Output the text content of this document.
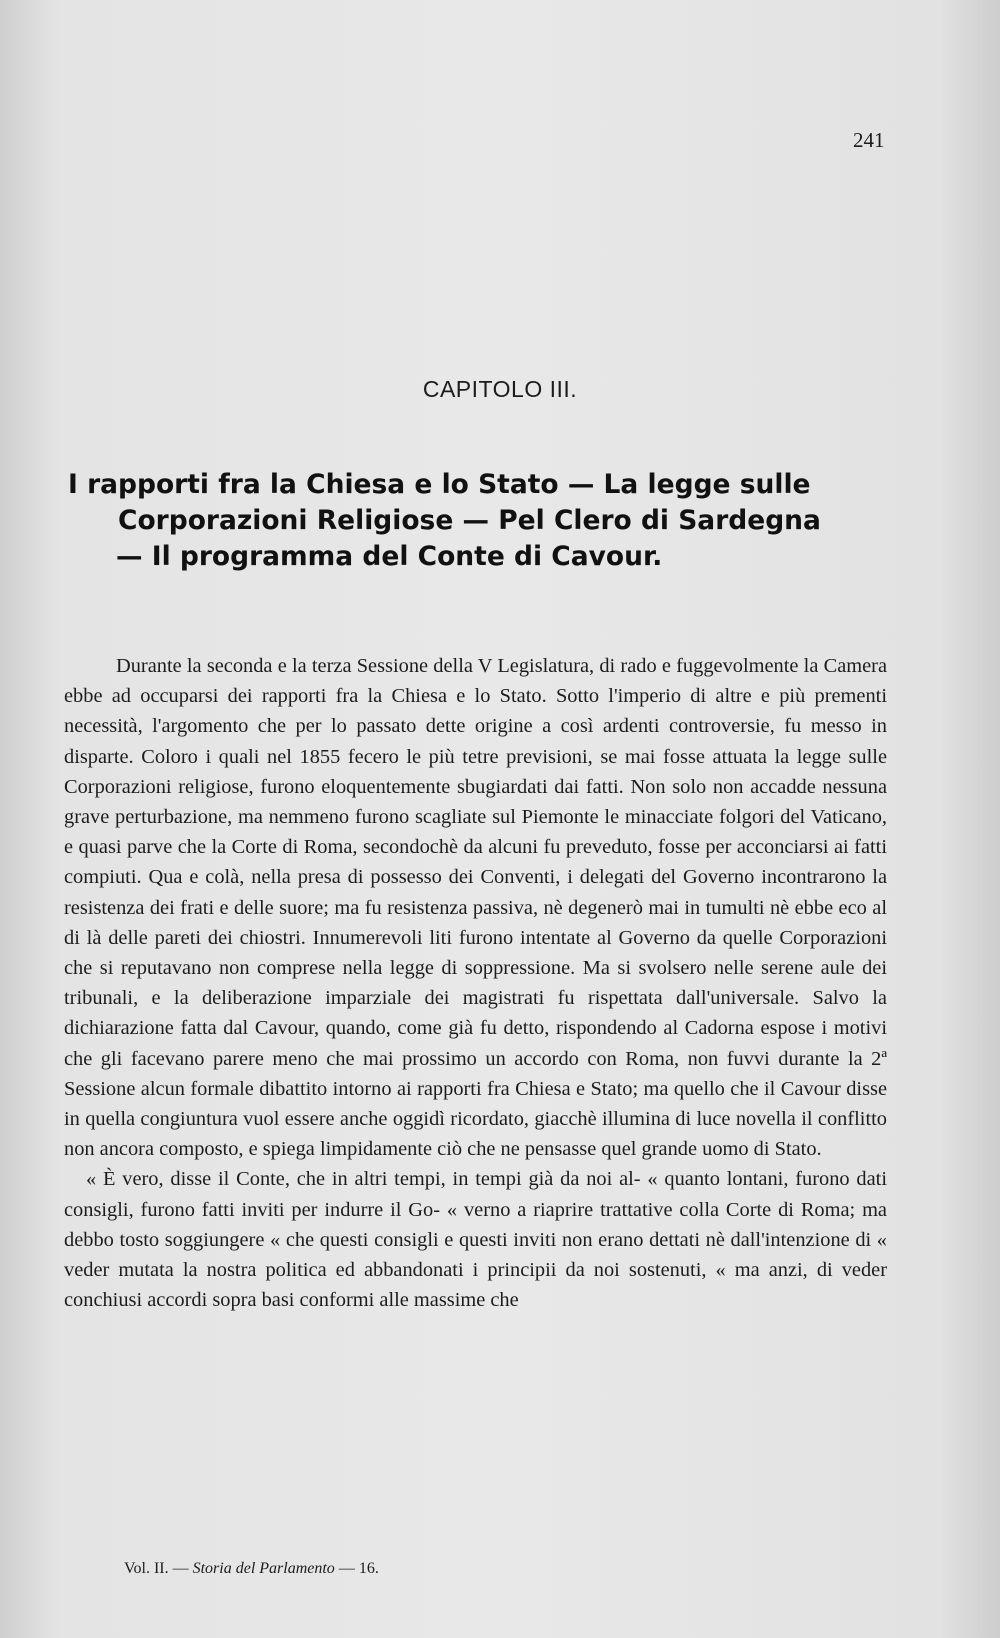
241
CAPITOLO III.
I rapporti fra la Chiesa e lo Stato — La legge sulle
Corporazioni Religiose — Pel Clero di Sardegna
— Il programma del Conte di Cavour.

Durante la seconda e la terza Sessione della V Legislatura, di rado e fuggevolmente la Camera ebbe ad occuparsi dei rapporti fra la Chiesa e lo Stato. Sotto l'imperio di altre e più prementi necessità, l'argomento che per lo passato dette origine a così ardenti controversie, fu messo in disparte. Coloro i quali nel 1855 fecero le più tetre previsioni, se mai fosse attuata la legge sulle Corporazioni religiose, furono eloquentemente sbugiardati dai fatti. Non solo non accadde nessuna grave perturbazione, ma nemmeno furono scagliate sul Piemonte le minacciate folgori del Vaticano, e quasi parve che la Corte di Roma, secondochè da alcuni fu preveduto, fosse per acconciarsi ai fatti compiuti. Qua e colà, nella presa di possesso dei Conventi, i delegati del Governo incontrarono la resistenza dei frati e delle suore; ma fu resistenza passiva, nè degenerò mai in tumulti nè ebbe eco al di là delle pareti dei chiostri. Innumerevoli liti furono intentate al Governo da quelle Corporazioni che si reputavano non comprese nella legge di soppressione. Ma si svolsero nelle serene aule dei tribunali, e la deliberazione imparziale dei magistrati fu rispettata dall'universale. Salvo la dichiarazione fatta dal Cavour, quando, come già fu detto, rispondendo al Cadorna espose i motivi che gli facevano parere meno che mai prossimo un accordo con Roma, non fuvvi durante la 2ª Sessione alcun formale dibattito intorno ai rapporti fra Chiesa e Stato; ma quello che il Cavour disse in quella congiuntura vuol essere anche oggidì ricordato, giacchè illumina di luce novella il conflitto non ancora composto, e spiega limpidamente ciò che ne pensasse quel grande uomo di Stato.

« È vero, disse il Conte, che in altri tempi, in tempi già da noi al- « quanto lontani, furono dati consigli, furono fatti inviti per indurre il Go- « verno a riaprire trattative colla Corte di Roma; ma debbo tosto soggiungere « che questi consigli e questi inviti non erano dettati nè dall'intenzione di « veder mutata la nostra politica ed abbandonati i principii da noi sostenuti, « ma anzi, di veder conchiusi accordi sopra basi conformi alle massime che

Vol. II. — Storia del Parlamento — 16.
